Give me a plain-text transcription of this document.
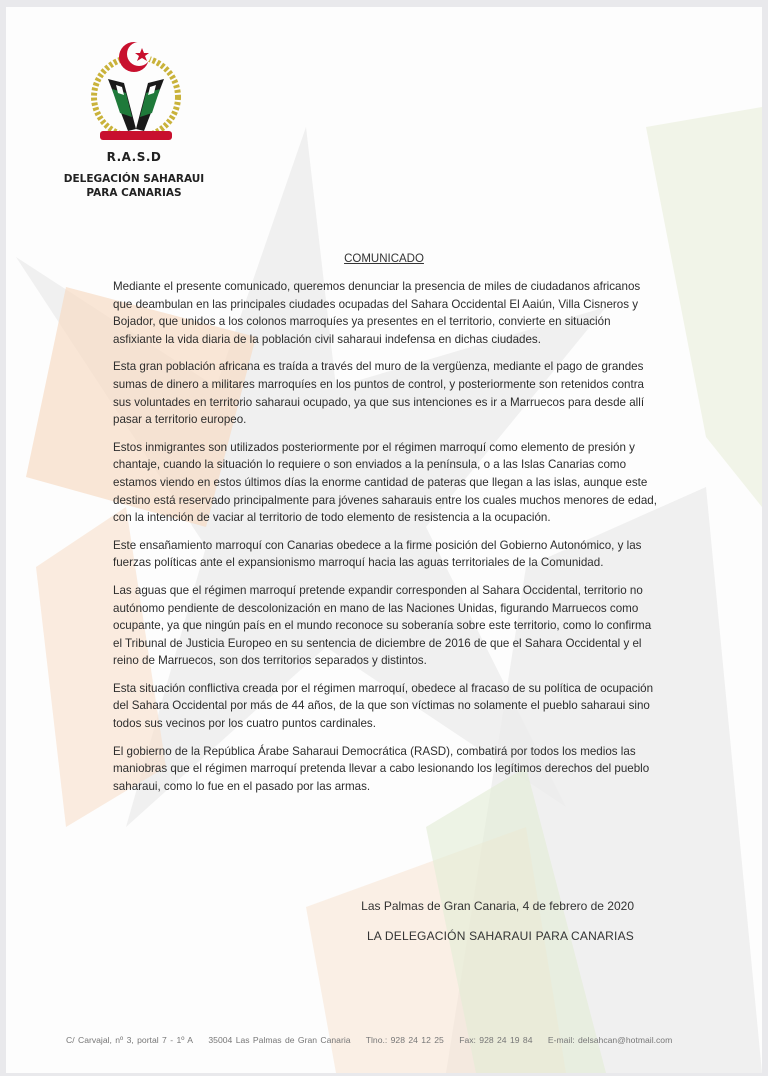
R.A.S.D
DELEGACIÓN SAHARAUI
PARA CANARIAS
COMUNICADO

Mediante el presente comunicado, queremos denunciar la presencia de miles de ciudadanos africanos que deambulan en las principales ciudades ocupadas del Sahara Occidental El Aaiún, Villa Cisneros y Bojador, que unidos a los colonos marroquíes ya presentes en el territorio, convierte en situación asfixiante la vida diaria de la población civil saharaui indefensa en dichas ciudades.

Esta gran población africana es traída a través del muro de la vergüenza, mediante el pago de grandes sumas de dinero a militares marroquíes en los puntos de control, y posteriormente son retenidos contra sus voluntades en territorio saharaui ocupado, ya que sus intenciones es ir a Marruecos para desde allí pasar a territorio europeo.

Estos inmigrantes son utilizados posteriormente por el régimen marroquí como elemento de presión y chantaje, cuando la situación lo requiere o son enviados a la península, o a las Islas Canarias como estamos viendo en estos últimos días la enorme cantidad de pateras que llegan a las islas, aunque este destino está reservado principalmente para jóvenes saharauis entre los cuales muchos menores de edad, con la intención de vaciar al territorio de todo elemento de resistencia a la ocupación.

Este ensañamiento marroquí con Canarias obedece a la firme posición del Gobierno Autonómico, y las fuerzas políticas ante el expansionismo marroquí hacia las aguas territoriales de la Comunidad.

Las aguas que el régimen marroquí pretende expandir corresponden al Sahara Occidental, territorio no autónomo pendiente de descolonización en mano de las Naciones Unidas, figurando Marruecos como ocupante, ya que ningún país en el mundo reconoce su soberanía sobre este territorio, como lo confirma el Tribunal de Justicia Europeo en su sentencia de diciembre de 2016 de que el Sahara Occidental y el reino de Marruecos, son dos territorios separados y distintos.

Esta situación conflictiva creada por el régimen marroquí, obedece al fracaso de su política de ocupación del Sahara Occidental por más de 44 años, de la que son víctimas no solamente el pueblo saharaui sino todos sus vecinos por los cuatro puntos cardinales.

El gobierno de la República Árabe Saharaui Democrática (RASD), combatirá por todos los medios las maniobras que el régimen marroquí pretenda llevar a cabo lesionando los legítimos derechos del pueblo saharaui, como lo fue en el pasado por las armas.

Las Palmas de Gran Canaria, 4 de febrero de 2020
LA DELEGACIÓN SAHARAUI PARA CANARIAS
C/ Carvajal, nº 3, portal 7 - 1º A 35004 Las Palmas de Gran Canaria Tlno.: 928 24 12 25 Fax: 928 24 19 84 E-mail: delsahcan@hotmail.com
